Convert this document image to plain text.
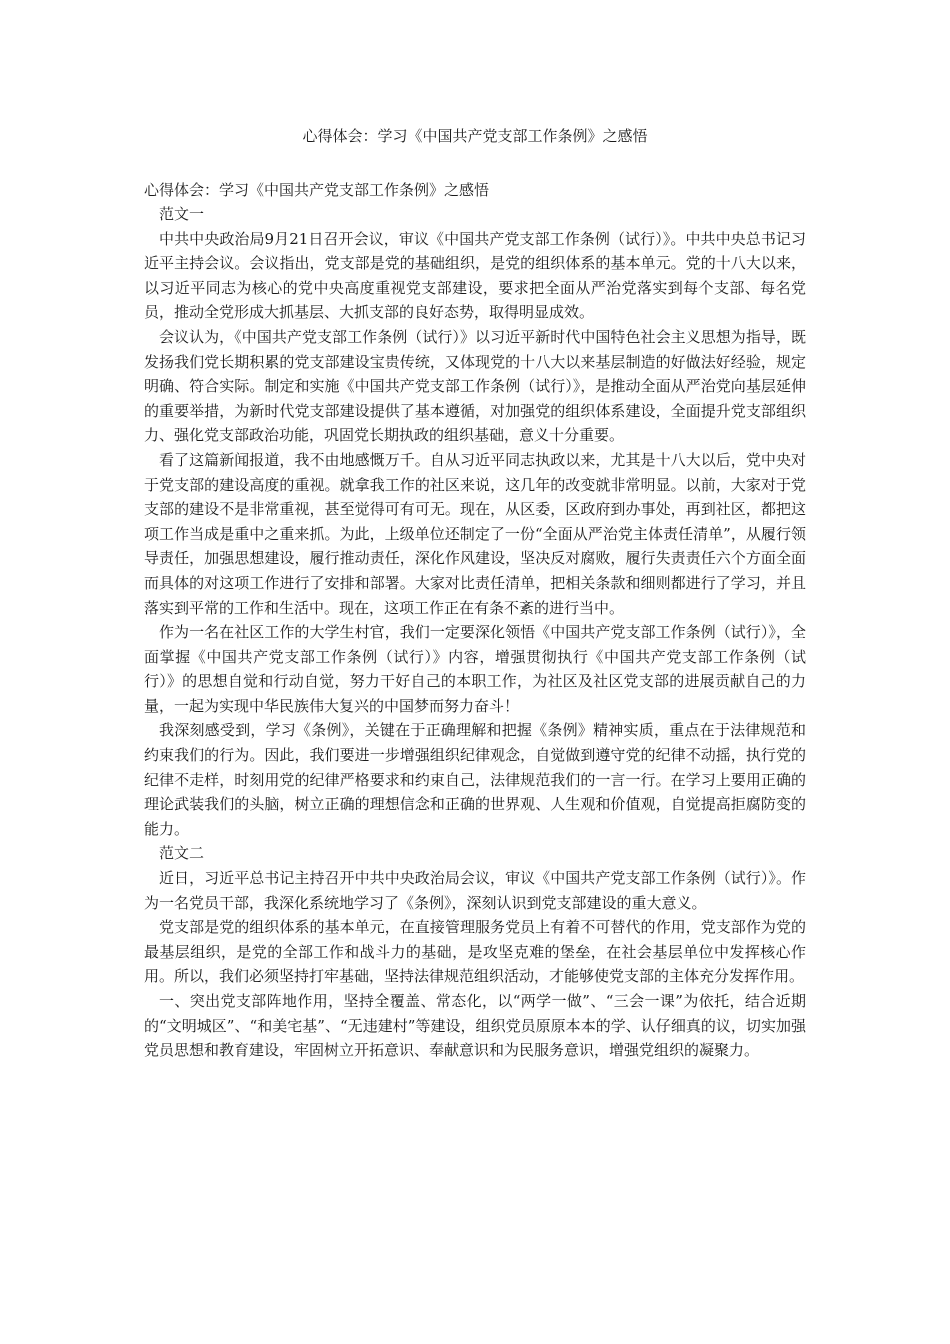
心得体会：学习《中国共产党支部工作条例》之感悟

心得体会：学习《中国共产党支部工作条例》之感悟

范文一

中共中央政治局9月21日召开会议，审议《中国共产党支部工作条例（试行）》。中共中央总书记习近平主持会议。会议指出，党支部是党的基础组织，是党的组织体系的基本单元。党的十八大以来，以习近平同志为核心的党中央高度重视党支部建设，要求把全面从严治党落实到每个支部、每名党员，推动全党形成大抓基层、大抓支部的良好态势，取得明显成效。

会议认为，《中国共产党支部工作条例（试行）》以习近平新时代中国特色社会主义思想为指导，既发扬我们党长期积累的党支部建设宝贵传统，又体现党的十八大以来基层制造的好做法好经验，规定明确、符合实际。制定和实施《中国共产党支部工作条例（试行）》，是推动全面从严治党向基层延伸的重要举措，为新时代党支部建设提供了基本遵循，对加强党的组织体系建设，全面提升党支部组织力、强化党支部政治功能，巩固党长期执政的组织基础，意义十分重要。

看了这篇新闻报道，我不由地感慨万千。自从习近平同志执政以来，尤其是十八大以后，党中央对于党支部的建设高度的重视。就拿我工作的社区来说，这几年的改变就非常明显。以前，大家对于党支部的建设不是非常重视，甚至觉得可有可无。现在，从区委，区政府到办事处，再到社区，都把这项工作当成是重中之重来抓。为此，上级单位还制定了一份“全面从严治党主体责任清单”，从履行领导责任，加强思想建设，履行推动责任，深化作风建设，坚决反对腐败，履行失责责任六个方面全面而具体的对这项工作进行了安排和部署。大家对比责任清单，把相关条款和细则都进行了学习，并且落实到平常的工作和生活中。现在，这项工作正在有条不紊的进行当中。

作为一名在社区工作的大学生村官，我们一定要深化领悟《中国共产党支部工作条例（试行）》，全面掌握《中国共产党支部工作条例（试行）》内容，增强贯彻执行《中国共产党支部工作条例（试行）》的思想自觉和行动自觉，努力干好自己的本职工作，为社区及社区党支部的进展贡献自己的力量，一起为实现中华民族伟大复兴的中国梦而努力奋斗！

我深刻感受到，学习《条例》，关键在于正确理解和把握《条例》精神实质，重点在于法律规范和约束我们的行为。因此，我们要进一步增强组织纪律观念，自觉做到遵守党的纪律不动摇，执行党的纪律不走样，时刻用党的纪律严格要求和约束自己，法律规范我们的一言一行。在学习上要用正确的理论武装我们的头脑，树立正确的理想信念和正确的世界观、人生观和价值观，自觉提高拒腐防变的能力。

范文二

近日，习近平总书记主持召开中共中央政治局会议，审议《中国共产党支部工作条例（试行）》。作为一名党员干部，我深化系统地学习了《条例》，深刻认识到党支部建设的重大意义。

党支部是党的组织体系的基本单元，在直接管理服务党员上有着不可替代的作用，党支部作为党的最基层组织，是党的全部工作和战斗力的基础，是攻坚克难的堡垒，在社会基层单位中发挥核心作用。所以，我们必须坚持打牢基础，坚持法律规范组织活动，才能够使党支部的主体充分发挥作用。

一、突出党支部阵地作用，坚持全覆盖、常态化，以“两学一做”、“三会一课”为依托，结合近期的“文明城区”、“和美宅基”、“无违建村”等建设，组织党员原原本本的学、认仔细真的议，切实加强党员思想和教育建设，牢固树立开拓意识、奉献意识和为民服务意识，增强党组织的凝聚力。
